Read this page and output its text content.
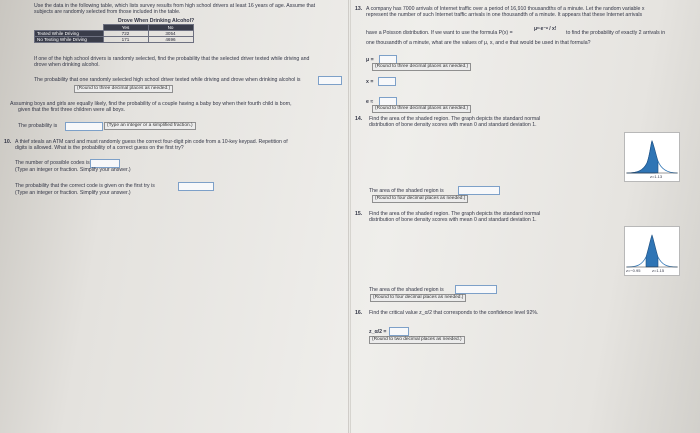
Use the data in the following table, which lists survey results from high school drivers at least 16 years of age. Assume that
subjects are randomly selected from those included in the table.
Drove When Drinking Alcohol?
	Yes	No
Texted While Driving	722	3054
No Texting While Driving	171	4696
If one of the high school drivers is randomly selected, find the probability that the selected driver texted while driving and
drove when drinking alcohol.
The probability that one randomly selected high school driver texted while driving and drove when drinking alcohol is
(Round to three decimal places as needed.)
Assuming boys and girls are equally likely, find the probability of a couple having a baby boy when their fourth child is born,
given that the first three children were all boys.
The probability is	(Type an integer or a simplified fraction.)
10. A thief steals an ATM card and must randomly guess the correct four-digit pin code from a 10-key keypad. Repetition of
digits is allowed. What is the probability of a correct guess on the first try?
The number of possible codes is
(Type an integer or fraction. Simplify your answer.)
The probability that the correct code is given on the first try is
(Type an integer or fraction. Simplify your answer.)
13. A company has 7000 arrivals of Internet traffic over a period of 16,910 thousandths of a minute. Let the random variable x
represent the number of such Internet traffic arrivals in one thousandth of a minute. It appears that these Internet arrivals
have a Poisson distribution. If we want to use the formula P(x) =
μˣ·e⁻ᵘ / x!
to find the probability of exactly 2 arrivals in
one thousandth of a minute, what are the values of μ, x, and e that would be used in that formula?
μ =
(Round to three decimal places as needed.)
x =
e ≈
(Round to three decimal places as needed.)
14. Find the area of the shaded region. The graph depicts the standard normal
distribution of bone density scores with mean 0 and standard deviation 1.
z=1.13
The area of the shaded region is
(Round to four decimal places as needed.)
15. Find the area of the shaded region. The graph depicts the standard normal
distribution of bone density scores with mean 0 and standard deviation 1.
z=−0.95	z=1.15
The area of the shaded region is
(Round to four decimal places as needed.)
16. Find the critical value z_α/2 that corresponds to the confidence level 92%.
z_α/2 =
(Round to two decimal places as needed.)
